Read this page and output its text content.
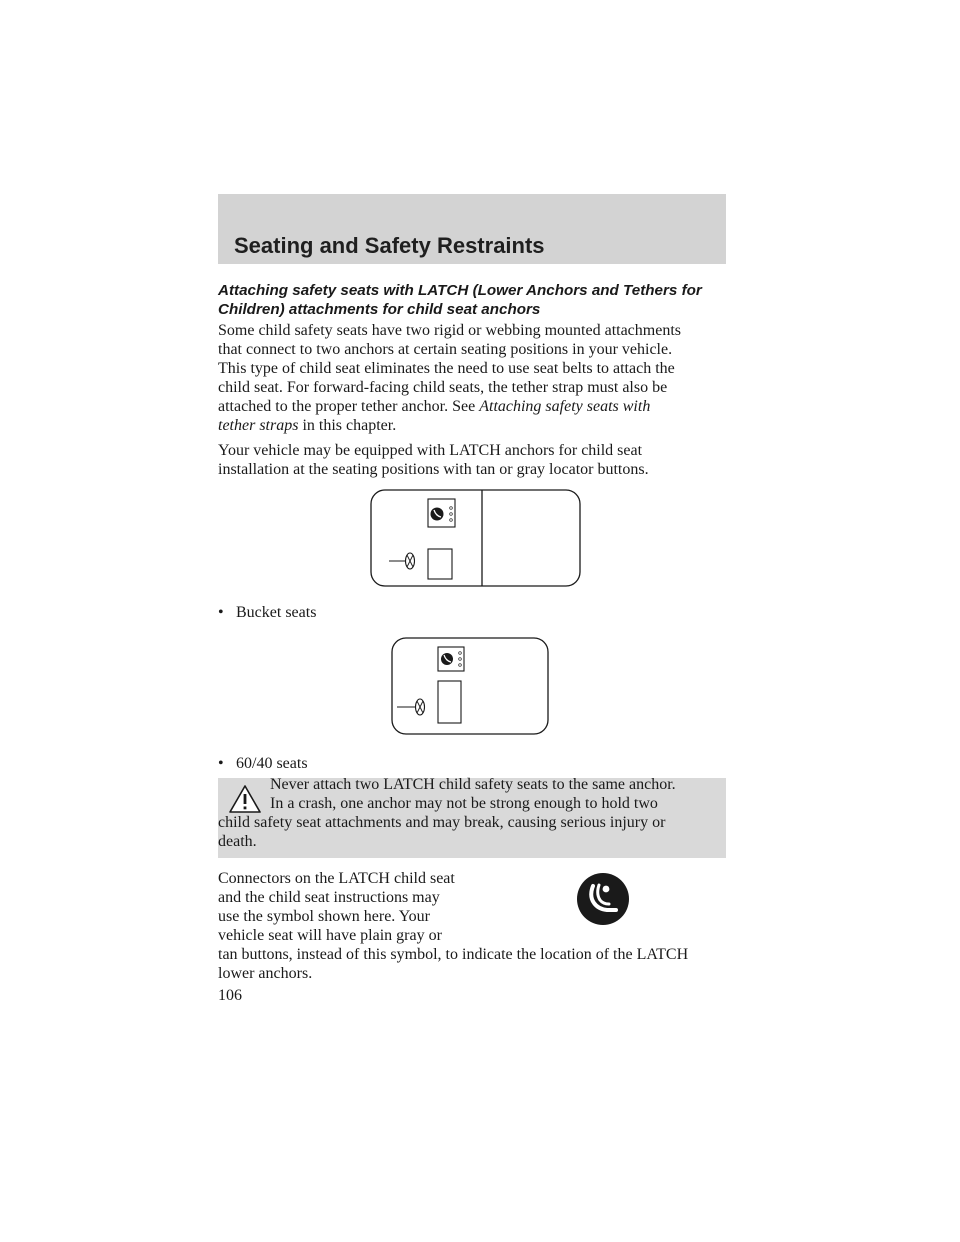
Seating and Safety Restraints

Attaching safety seats with LATCH (Lower Anchors and Tethers for
Children) attachments for child seat anchors

Some child safety seats have two rigid or webbing mounted attachments
that connect to two anchors at certain seating positions in your vehicle.
This type of child seat eliminates the need to use seat belts to attach the
child seat. For forward-facing child seats, the tether strap must also be
attached to the proper tether anchor. See Attaching safety seats with
tether straps in this chapter.

Your vehicle may be equipped with LATCH anchors for child seat
installation at the seating positions with tan or gray locator buttons.

• Bucket seats
• 60/40 seats
Never attach two LATCH child safety seats to the same anchor.
In a crash, one anchor may not be strong enough to hold two
child safety seat attachments and may break, causing serious injury or
death.

Connectors on the LATCH child seat
and the child seat instructions may
use the symbol shown here. Your
vehicle seat will have plain gray or
tan buttons, instead of this symbol, to indicate the location of the LATCH
lower anchors.

106
